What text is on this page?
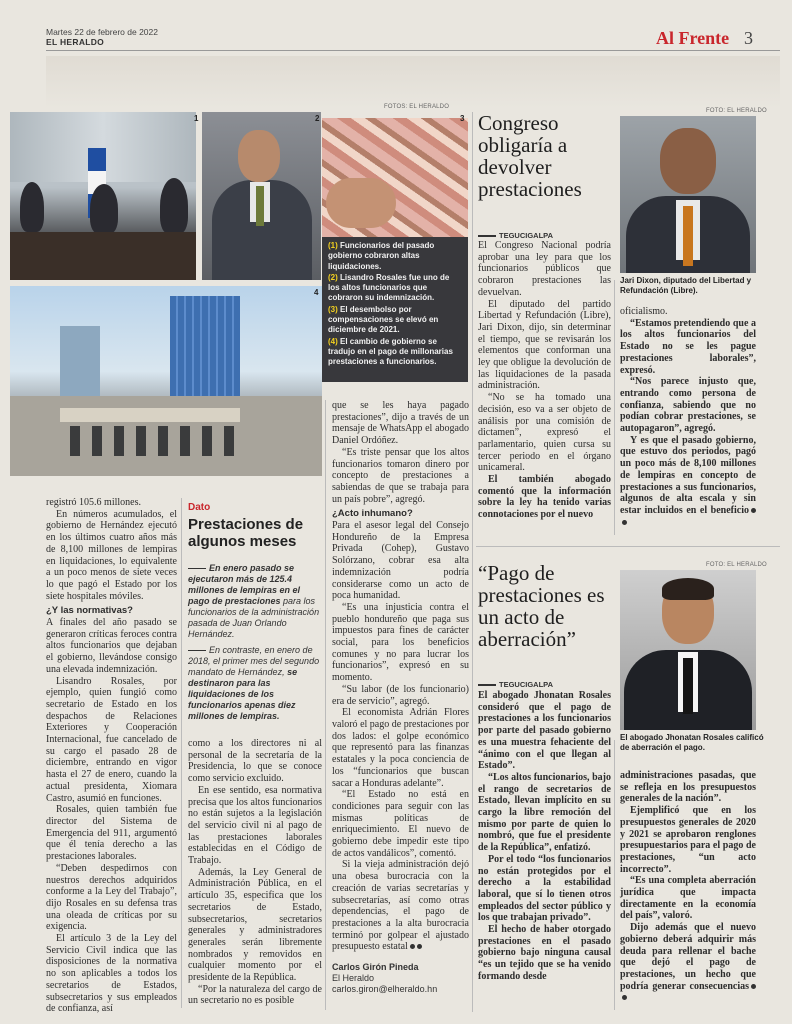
Martes 22 de febrero de 2022
EL HERALDO	Al Frente 3
FOTOS: EL HERALDO
1	2	3

(1) Funcionarios del pasado gobierno cobraron altas liquidaciones.

(2) Lisandro Rosales fue uno de los altos funcionarios que cobraron su indemnización.

(3) El desembolso por compensaciones se elevó en diciembre de 2021.

(4) El cambio de gobierno se tradujo en el pago de millonarias prestaciones a funcionarios.

4

registró 105.6 millones.

En números acumulados, el gobierno de Hernández ejecutó en los últimos cuatro años más de 8,100 millones de lempiras en liquidaciones, lo equivalente a un poco menos de siete veces lo que pagó el Estado por los siete hospitales móviles.

¿Y las normativas?

A finales del año pasado se generaron críticas feroces contra altos funcionarios que dejaban el gobierno, llevándose consigo una elevada indemnización.

Lisandro Rosales, por ejemplo, quien fungió como secretario de Estado en los despachos de Relaciones Exteriores y Cooperación Internacional, fue cancelado de su cargo el pasado 28 de diciembre, entrando en vigor hasta el 27 de enero, cuando la actual presidenta, Xiomara Castro, asumió en funciones.

Rosales, quien también fue director del Sistema de Emergencia del 911, argumentó que él tenía derecho a las prestaciones laborales.

“Deben despedirnos con nuestros derechos adquiridos conforme a la Ley del Trabajo”, dijo Rosales en su defensa tras una oleada de críticas por su exigencia.

El artículo 3 de la Ley del Servicio Civil indica que las disposiciones de la normativa no son aplicables a todos los secretarios de Estados, subsecretarios y sus empleados de confianza, así

Dato
Prestaciones de algunos meses
En enero pasado se ejecutaron más de 125.4 millones de lempiras en el pago de prestaciones para los funcionarios de la administración pasada de Juan Orlando Hernández.
En contraste, en enero de 2018, el primer mes del segundo mandato de Hernández, se destinaron para las liquidaciones de los funcionarios apenas diez millones de lempiras.

como a los directores ni al personal de la secretaría de la Presidencia, lo que se conoce como servicio excluido.

En ese sentido, esa normativa precisa que los altos funcionarios no están sujetos a la legislación del servicio civil ni al pago de las prestaciones laborales establecidas en el Código de Trabajo.

Además, la Ley General de Administración Pública, en el artículo 35, especifica que los secretarios de Estado, subsecretarios, secretarios generales y administradores generales serán libremente nombrados y removidos en cualquier momento por el presidente de la República.

“Por la naturaleza del cargo de un secretario no es posible

que se les haya pagado prestaciones”, dijo a través de un mensaje de WhatsApp el abogado Daniel Ordóñez.

“Es triste pensar que los altos funcionarios tomaron dinero por concepto de prestaciones a sabiendas de que se trabaja para un país pobre”, agregó.

¿Acto inhumano?

Para el asesor legal del Consejo Hondureño de la Empresa Privada (Cohep), Gustavo Solórzano, cobrar esa alta indemnización podría considerarse como un acto de poca humanidad.

“Es una injusticia contra el pueblo hondureño que paga sus impuestos para fines de carácter social, para los beneficios comunes y no para lucrar los funcionarios”, expresó en su momento.

“Su labor (de los funcionario) era de servicio”, agregó.

El economista Adrián Flores valoró el pago de prestaciones por dos lados: el golpe económico que representó para las finanzas estatales y la poca conciencia de los “funcionarios que buscan sacar a Honduras adelante”.

“El Estado no está en condiciones para seguir con las mismas políticas de enriquecimiento. El nuevo de gobierno debe impedir este tipo de actos vandálicos”, comentó.

Si la vieja administración dejó una obesa burocracia con la creación de varias secretarías y subsecretarías, así como otras dependencias, el pago de prestaciones a la alta burocracia terminó por golpear el ajustado presupuesto estatal

Carlos Girón Pineda
El Heraldo
carlos.giron@elheraldo.hn
Congreso obligaría a devolver prestaciones
FOTO: EL HERALDO
Jari Dixon, diputado del Libertad y Refundación (Libre).
TEGUCIGALPA

El Congreso Nacional podría aprobar una ley para que los funcionarios públicos que cobraron prestaciones las devuelvan.

El diputado del partido Libertad y Refundación (Libre), Jari Dixon, dijo, sin determinar el tiempo, que se revisarán los elementos que conforman una ley que obligue la devolución de las liquidaciones de la pasada administración.

“No se ha tomado una decisión, eso va a ser objeto de análisis por una comisión de dictamen”, expresó el parlamentario, quien cursa su tercer periodo en el órgano unicameral.

El también abogado comentó que la información sobre la ley ha tenido varias connotaciones por el nuevo

oficialismo.

“Estamos pretendiendo que a los altos funcionarios del Estado no se les pague prestaciones laborales”, expresó.

“Nos parece injusto que, entrando como persona de confianza, sabiendo que no podían cobrar prestaciones, se autopagaron”, agregó.

Y es que el pasado gobierno, que estuvo dos periodos, pagó un poco más de 8,100 millones de lempiras en concepto de prestaciones a sus funcionarios, algunos de alta escala y sin estar incluidos en el beneficio

“Pago de prestaciones es un acto de aberración”
FOTO: EL HERALDO
El abogado Jhonatan Rosales calificó de aberración el pago.
TEGUCIGALPA

El abogado Jhonatan Rosales consideró que el pago de prestaciones a los funcionarios por parte del pasado gobierno es una muestra fehaciente del “ánimo con el que llegan al Estado”.

“Los altos funcionarios, bajo el rango de secretarios de Estado, llevan implícito en su cargo la libre remoción del mismo por parte de quien lo nombró, que fue el presidente de la República”, enfatizó.

Por el todo “los funcionarios no están protegidos por el derecho a la estabilidad laboral, que sí lo tienen otros empleados del sector público y los que trabajan privado”.

El hecho de haber otorgado prestaciones en el pasado gobierno bajo ninguna causal “es un tejido que se ha venido formando desde

administraciones pasadas, que se refleja en los presupuestos generales de la nación”.

Ejemplificó que en los presupuestos generales de 2020 y 2021 se aprobaron renglones presupuestarios para el pago de prestaciones, “un acto incorrecto”.

“Es una completa aberración jurídica que impacta directamente en la economía del país”, valoró.

Dijo además que el nuevo gobierno deberá adquirir más deuda para rellenar el bache que dejó el pago de prestaciones, un hecho que podría generar consecuencias
